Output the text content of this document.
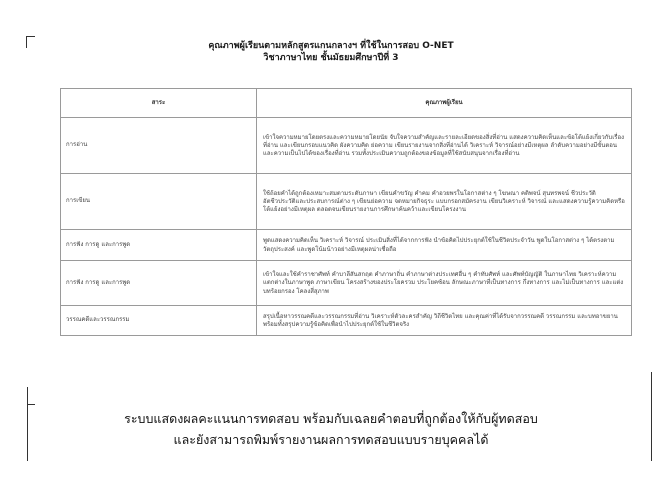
คุณภาพผู้เรียนตามหลักสูตรแกนกลางฯ ที่ใช้ในการสอบ O-NET
วิชาภาษาไทย ชั้นมัธยมศึกษาปีที่ 3
สาระ	คุณภาพผู้เรียน
การอ่าน	เข้าใจความหมายโดยตรงและความหมายโดยนัย จับใจความสำคัญและรายละเอียดของสิ่งที่อ่าน แสดงความคิดเห็นและข้อโต้แย้งเกี่ยวกับเรื่องที่อ่าน และเขียนกรอบแนวคิด ผังความคิด ย่อความ เขียนรายงานจากสิ่งที่อ่านได้ วิเคราะห์ วิจารณ์อย่างมีเหตุผล ลำดับความอย่างมีขั้นตอน และความเป็นไปได้ของเรื่องที่อ่าน รวมทั้งประเมินความถูกต้องของข้อมูลที่ใช้สนับสนุนจากเรื่องที่อ่าน
การเขียน	ใช้ถ้อยคำได้ถูกต้องเหมาะสมตามระดับภาษา เขียนคำขวัญ คำคม คำอวยพรในโอกาสต่าง ๆ โฆษณา คติพจน์ สุนทรพจน์ ชีวประวัติ อัตชีวประวัติและประสบการณ์ต่าง ๆ เขียนย่อความ จดหมายกิจธุระ แบบกรอกสมัครงาน เขียนวิเคราะห์ วิจารณ์ และแสดงความรู้ความคิดหรือโต้แย้งอย่างมีเหตุผล ตลอดจนเขียนรายงานการศึกษาค้นคว้าและเขียนโครงงาน
การฟัง การดู และการพูด	พูดแสดงความคิดเห็น วิเคราะห์ วิจารณ์ ประเมินสิ่งที่ได้จากการฟัง นำข้อคิดไปประยุกต์ใช้ในชีวิตประจำวัน พูดในโอกาสต่าง ๆ ได้ตรงตามวัตถุประสงค์ และพูดโน้มน้าวอย่างมีเหตุผลน่าเชื่อถือ
การฟัง การดู และการพูด	เข้าใจและใช้คำราชาศัพท์ คำบาลีสันสกฤต คำภาษาถิ่น คำภาษาต่างประเทศอื่น ๆ คำทับศัพท์ และศัพท์บัญญัติ ในภาษาไทย วิเคราะห์ความแตกต่างในภาษาพูด ภาษาเขียน โครงสร้างของประโยครวม ประโยคซ้อน ลักษณะภาษาที่เป็นทางการ กึ่งทางการ และไม่เป็นทางการ และแต่งบทร้อยกรอง โคลงสี่สุภาพ
วรรณคดีและวรรณกรรม	สรุปเนื้อหาวรรณคดีและวรรณกรรมที่อ่าน วิเคราะห์ตัวละครสำคัญ วิถีชีวิตไทย และคุณค่าที่ได้รับจากวรรณคดี วรรณกรรม และบทอาขยาน พร้อมทั้งสรุปความรู้ข้อคิดเพื่อนำไปประยุกต์ใช้ในชีวิตจริง
ระบบแสดงผลคะแนนการทดสอบ พร้อมกับเฉลยคำตอบที่ถูกต้องให้กับผู้ทดสอบ
และยังสามารถพิมพ์รายงานผลการทดสอบแบบรายบุคคลได้
